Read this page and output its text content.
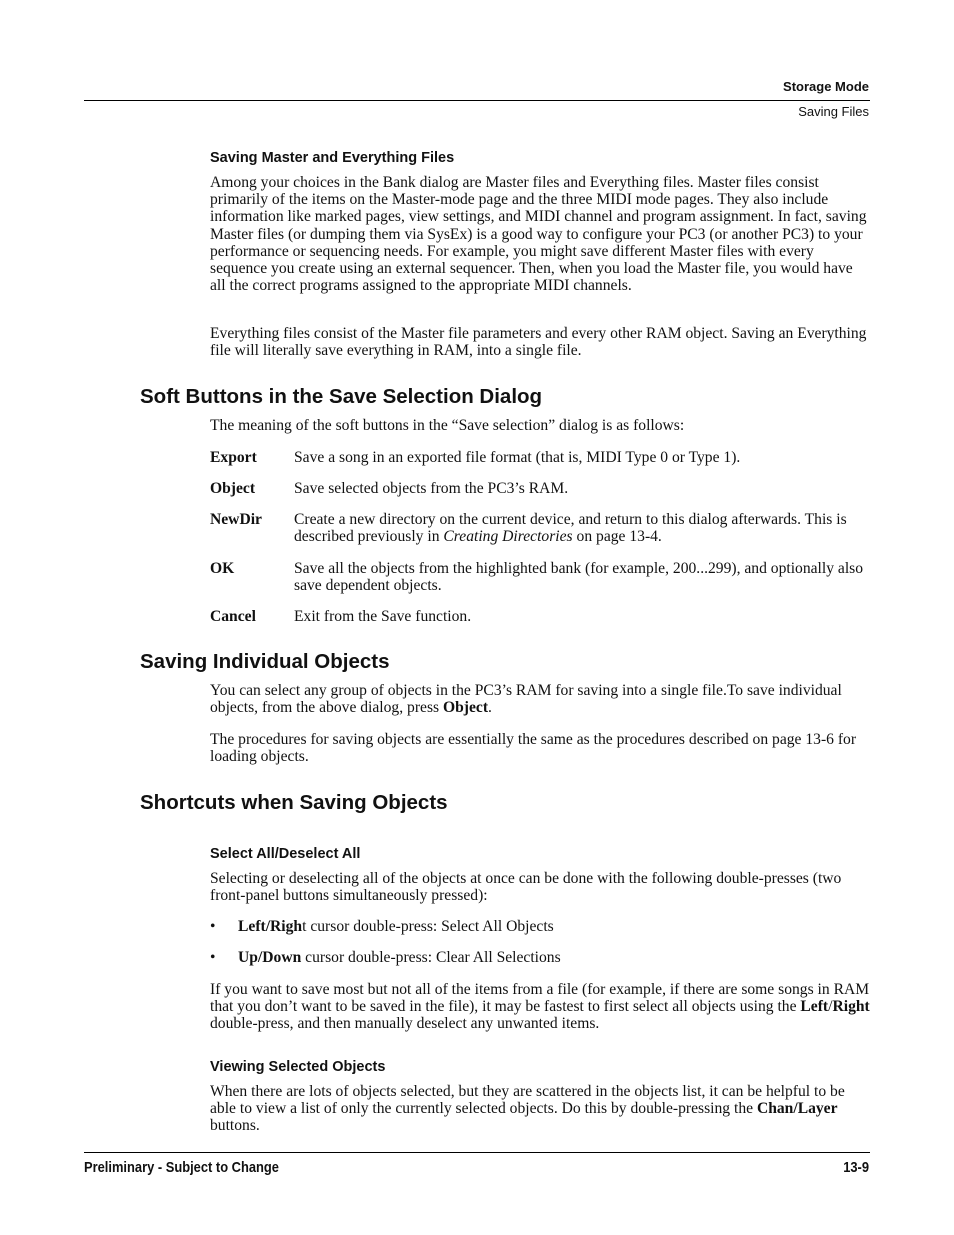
Storage Mode
Saving Files
Saving Master and Everything Files
Among your choices in the Bank dialog are Master files and Everything files. Master files consist primarily of the items on the Master-mode page and the three MIDI mode pages. They also include information like marked pages, view settings, and MIDI channel and program assignment. In fact, saving Master files (or dumping them via SysEx) is a good way to configure your PC3 (or another PC3) to your performance or sequencing needs. For example, you might save different Master files with every sequence you create using an external sequencer. Then, when you load the Master file, you would have all the correct programs assigned to the appropriate MIDI channels.
Everything files consist of the Master file parameters and every other RAM object. Saving an Everything file will literally save everything in RAM, into a single file.
Soft Buttons in the Save Selection Dialog
The meaning of the soft buttons in the “Save selection” dialog is as follows:
Export Save a song in an exported file format (that is, MIDI Type 0 or Type 1).
Object Save selected objects from the PC3’s RAM.
NewDir Create a new directory on the current device, and return to this dialog afterwards. This is described previously in Creating Directories on page 13-4.
OK	Save all the objects from the highlighted bank (for example, 200...299), and optionally also save dependent objects.
Cancel Exit from the Save function.
Saving Individual Objects
You can select any group of objects in the PC3’s RAM for saving into a single file.To save individual objects, from the above dialog, press Object.
The procedures for saving objects are essentially the same as the procedures described on page 13-6 for loading objects.
Shortcuts when Saving Objects
Select All/Deselect All
Selecting or deselecting all of the objects at once can be done with the following double-presses (two front-panel buttons simultaneously pressed):
• Left/Right cursor double-press: Select All Objects
• Up/Down cursor double-press: Clear All Selections
If you want to save most but not all of the items from a file (for example, if there are some songs in RAM that you don’t want to be saved in the file), it may be fastest to first select all objects using the Left/Right double-press, and then manually deselect any unwanted items.
Viewing Selected Objects
When there are lots of objects selected, but they are scattered in the objects list, it can be helpful to be able to view a list of only the currently selected objects. Do this by double-pressing the Chan/Layer buttons.
Preliminary - Subject to Change	13-9
